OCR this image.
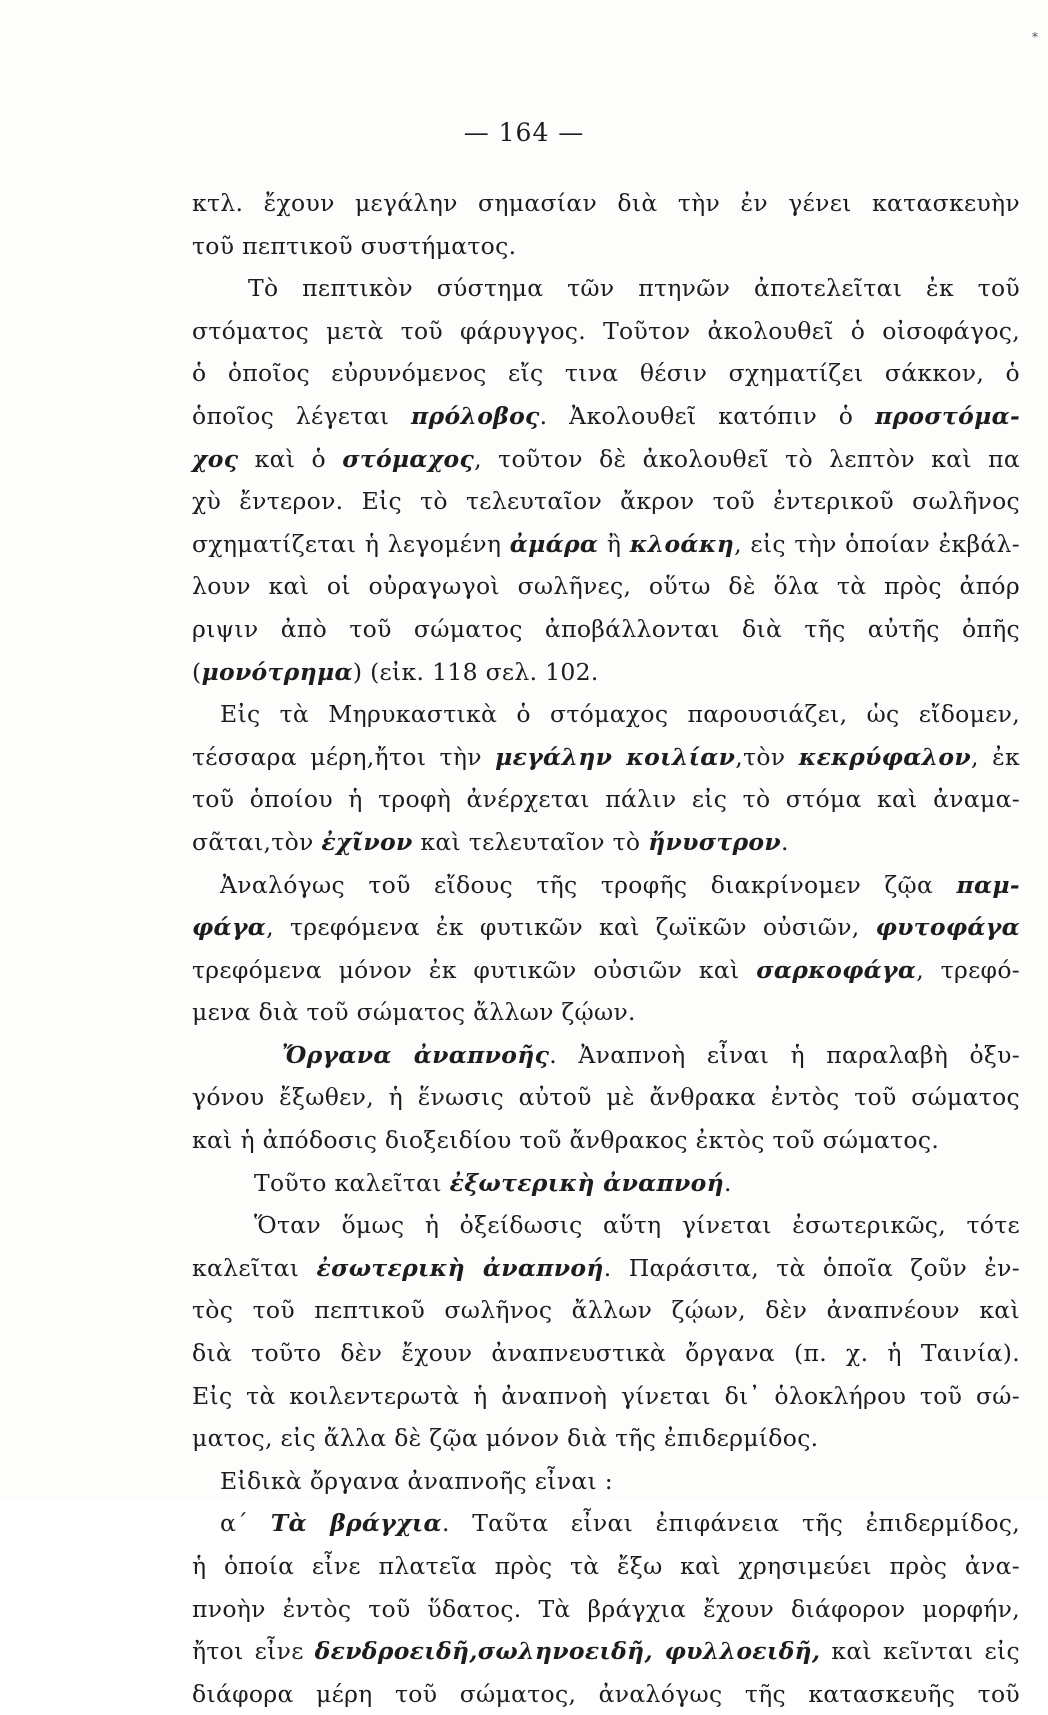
*
— 164 —
κτλ. ἔχουν μεγάλην σημασίαν διὰ τὴν ἐν γένει κατασκευὴν
τοῦ πεπτικοῦ συστήματος.
Τὸ πεπτικὸν σύστημα τῶν πτηνῶν ἀποτελεῖται ἐκ τοῦ
στόματος μετὰ τοῦ φάρυγγος. Τοῦτον ἀκολουθεῖ ὁ οἰσοφάγος,
ὁ ὁποῖος εὐρυνόμενος εἴς τινα θέσιν σχηματίζει σάκκον, ὁ
ὁποῖος λέγεται πρόλοβος. Ἀκολουθεῖ κατόπιν ὁ προστόμα-
χος καὶ ὁ στόμαχος, τοῦτον δὲ ἀκολουθεῖ τὸ λεπτὸν καὶ πα
χὺ ἔντερον. Εἰς τὸ τελευταῖον ἄκρον τοῦ ἐντερικοῦ σωλῆνος
σχηματίζεται ἡ λεγομένη ἀμάρα ἢ κλοάκη, εἰς τὴν ὁποίαν ἐκβάλ-
λουν καὶ οἱ οὐραγωγοὶ σωλῆνες, οὕτω δὲ ὅλα τὰ πρὸς ἀπόρ
ριψιν ἀπὸ τοῦ σώματος ἀποβάλλονται διὰ τῆς αὐτῆς ὀπῆς
(μονότρημα) (εἰκ. 118 σελ. 102.
Εἰς τὰ Μηρυκαστικὰ ὁ στόμαχος παρουσιάζει, ὡς εἴδομεν,
τέσσαρα μέρη,ἤτοι τὴν μεγάλην κοιλίαν,τὸν κεκρύφαλον, ἐκ
τοῦ ὁποίου ἡ τροφὴ ἀνέρχεται πάλιν εἰς τὸ στόμα καὶ ἀναμα-
σᾶται,τὸν ἐχῖνον καὶ τελευταῖον τὸ ἤνυστρον.
Ἀναλόγως τοῦ εἴδους τῆς τροφῆς διακρίνομεν ζῷα παμ-
φάγα, τρεφόμενα ἐκ φυτικῶν καὶ ζωϊκῶν οὐσιῶν, φυτοφάγα
τρεφόμενα μόνον ἐκ φυτικῶν οὐσιῶν καὶ σαρκοφάγα, τρεφό-
μενα διὰ τοῦ σώματος ἄλλων ζῴων.
Ὄργανα ἀναπνοῆς. Ἀναπνοὴ εἶναι ἡ παραλαβὴ ὀξυ-
γόνου ἔξωθεν, ἡ ἕνωσις αὐτοῦ μὲ ἄνθρακα ἐντὸς τοῦ σώματος
καὶ ἡ ἀπόδοσις διοξειδίου τοῦ ἄνθρακος ἐκτὸς τοῦ σώματος.
Τοῦτο καλεῖται ἐξωτερικὴ ἀναπνοή.
Ὅταν ὅμως ἡ ὀξείδωσις αὕτη γίνεται ἐσωτερικῶς, τότε
καλεῖται ἐσωτερικὴ ἀναπνοή. Παράσιτα, τὰ ὁποῖα ζοῦν ἐν-
τὸς τοῦ πεπτικοῦ σωλῆνος ἄλλων ζῴων, δὲν ἀναπνέουν καὶ
διὰ τοῦτο δὲν ἔχουν ἀναπνευστικὰ ὄργανα (π. χ. ἡ Ταινία).
Εἰς τὰ κοιλεντερωτὰ ἡ ἀναπνοὴ γίνεται δι᾽ ὁλοκλήρου τοῦ σώ-
ματος, εἰς ἄλλα δὲ ζῷα μόνον διὰ τῆς ἐπιδερμίδος.
Εἰδικὰ ὄργανα ἀναπνοῆς εἶναι :
α΄ Τὰ βράγχια. Ταῦτα εἶναι ἐπιφάνεια τῆς ἐπιδερμίδος,
ἡ ὁποία εἶνε πλατεῖα πρὸς τὰ ἔξω καὶ χρησιμεύει πρὸς ἀνα-
πνοὴν ἐντὸς τοῦ ὕδατος. Τὰ βράγχια ἔχουν διάφορον μορφήν,
ἤτοι εἶνε δενδροειδῆ,σωληνοειδῆ, φυλλοειδῆ, καὶ κεῖνται εἰς
διάφορα μέρη τοῦ σώματος, ἀναλόγως τῆς κατασκευῆς τοῦ
